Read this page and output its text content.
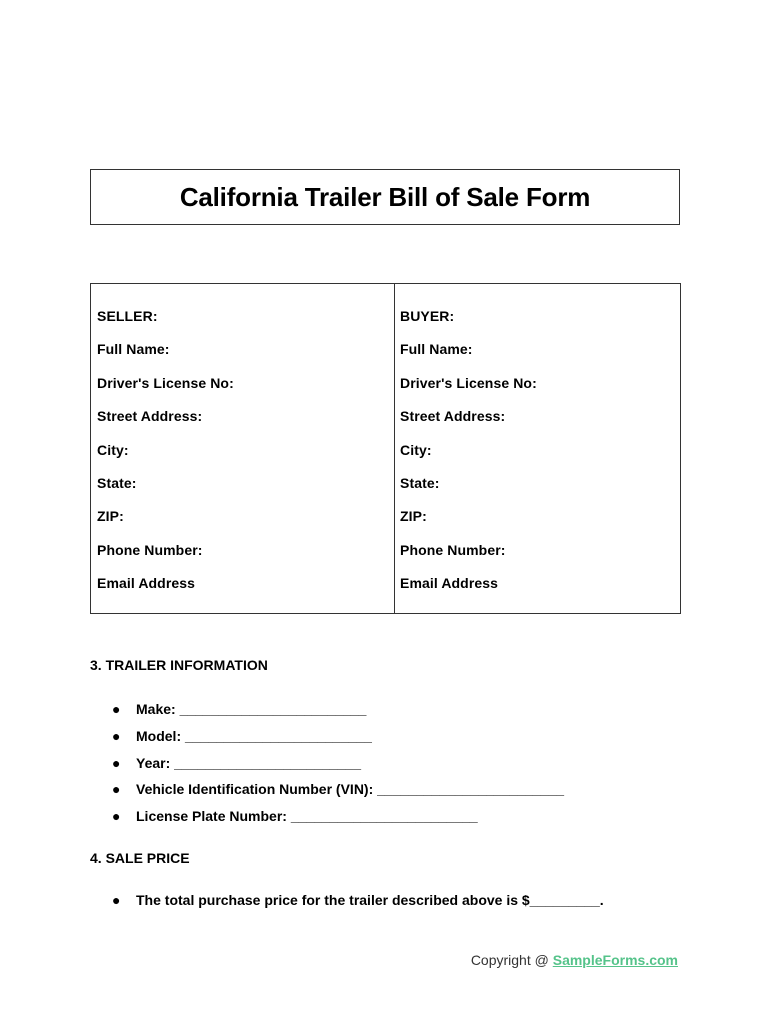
California Trailer Bill of Sale Form
SELLER:
Full Name:
Driver's License No:
Street Address:
City:
State:
ZIP:
Phone Number:
Email Address
BUYER:
Full Name:
Driver's License No:
Street Address:
City:
State:
ZIP:
Phone Number:
Email Address
3. TRAILER INFORMATION
● Make: ________________________
● Model: ________________________
● Year: ________________________
● Vehicle Identification Number (VIN): ________________________
● License Plate Number: ________________________
4. SALE PRICE
● The total purchase price for the trailer described above is $_________.
Copyright @ SampleForms.com
